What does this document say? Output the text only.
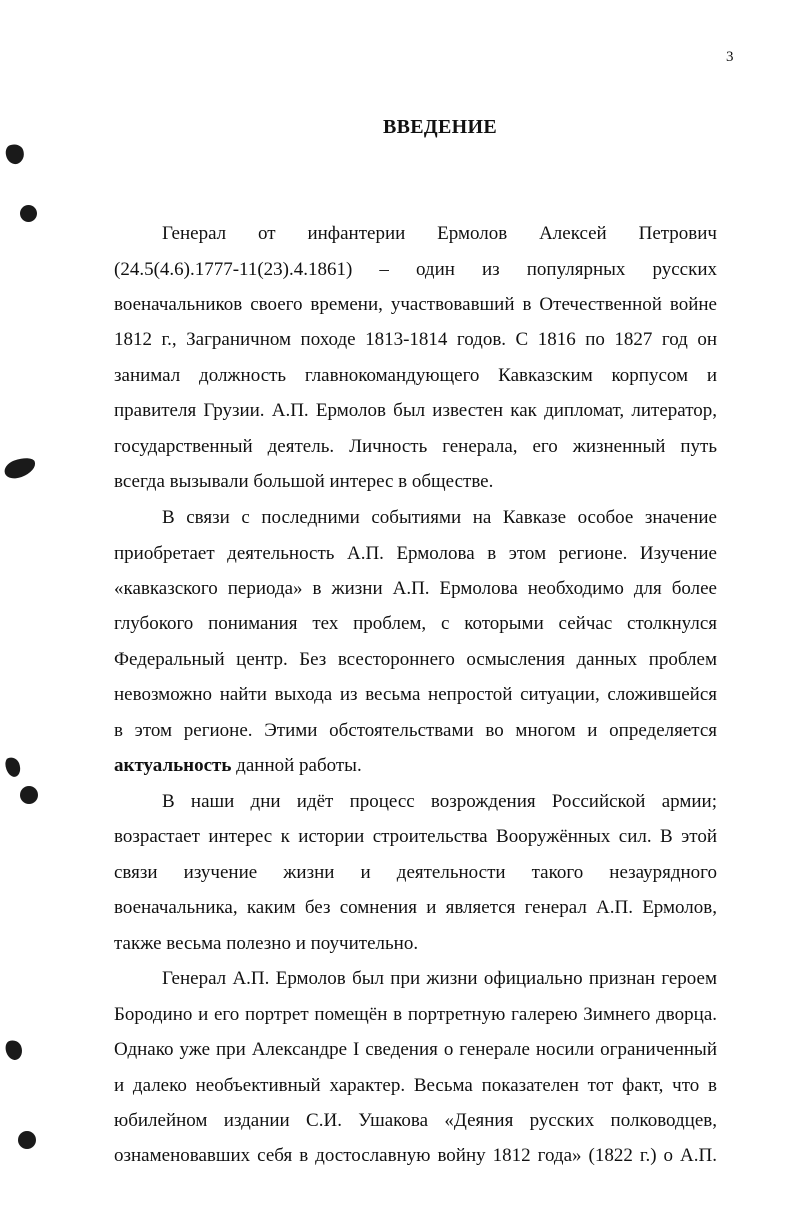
3
ВВЕДЕНИЕ
Генерал от инфантерии Ермолов Алексей Петрович
(24.5(4.6).1777-11(23).4.1861) – один из популярных русских
военачальников своего времени, участвовавший в Отечественной войне
1812 г., Заграничном походе 1813-1814 годов. С 1816 по 1827 год он
занимал должность главнокомандующего Кавказским корпусом и
правителя Грузии. А.П. Ермолов был известен как дипломат, литератор,
государственный деятель. Личность генерала, его жизненный путь
всегда вызывали большой интерес в обществе.
В связи с последними событиями на Кавказе особое значение
приобретает деятельность А.П. Ермолова в этом регионе. Изучение
«кавказского периода» в жизни А.П. Ермолова необходимо для более
глубокого понимания тех проблем, с которыми сейчас столкнулся
Федеральный центр. Без всестороннего осмысления данных проблем
невозможно найти выхода из весьма непростой ситуации, сложившейся
в этом регионе. Этими обстоятельствами во многом и определяется
актуальность данной работы.
В наши дни идёт процесс возрождения Российской армии;
возрастает интерес к истории строительства Вооружённых сил. В этой
связи изучение жизни и деятельности такого незаурядного
военачальника, каким без сомнения и является генерал А.П. Ермолов,
также весьма полезно и поучительно.
Генерал А.П. Ермолов был при жизни официально признан героем
Бородино и его портрет помещён в портретную галерею Зимнего дворца.
Однако уже при Александре I сведения о генерале носили ограниченный
и далеко необъективный характер. Весьма показателен тот факт, что в
юбилейном издании С.И. Ушакова «Деяния русских полководцев,
ознаменовавших себя в достославную войну 1812 года» (1822 г.) о А.П.
